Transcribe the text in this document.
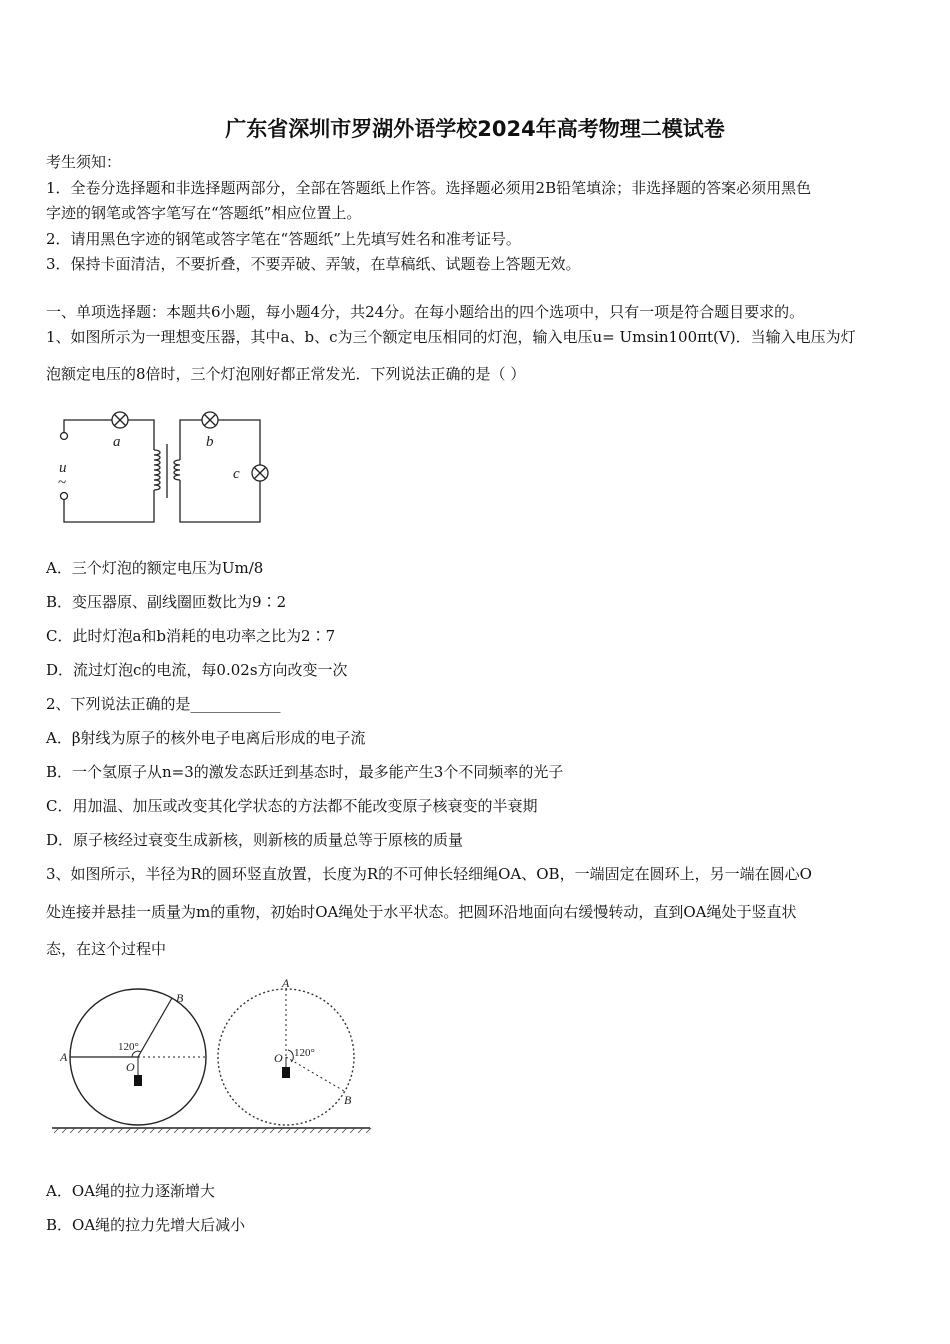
广东省深圳市罗湖外语学校2024年高考物理二模试卷
考生须知：
1．全卷分选择题和非选择题两部分，全部在答题纸上作答。选择题必须用2B铅笔填涂；非选择题的答案必须用黑色
字迹的钢笔或答字笔写在“答题纸”相应位置上。
2．请用黑色字迹的钢笔或答字笔在“答题纸”上先填写姓名和准考证号。
3．保持卡面清洁，不要折叠，不要弄破、弄皱，在草稿纸、试题卷上答题无效。
一、单项选择题：本题共6小题，每小题4分，共24分。在每小题给出的四个选项中，只有一项是符合题目要求的。
1、如图所示为一理想变压器，其中a、b、c为三个额定电压相同的灯泡，输入电压u= Umsin100πt(V)．当输入电压为灯
泡额定电压的8倍时，三个灯泡刚好都正常发光．下列说法正确的是（ ）
a	b
c
u
~
A．三个灯泡的额定电压为Um/8
B．变压器原、副线圈匝数比为9∶2
C．此时灯泡a和b消耗的电功率之比为2∶7
D．流过灯泡c的电流，每0.02s方向改变一次
2、下列说法正确的是____________
A．β射线为原子的核外电子电离后形成的电子流
B．一个氢原子从n=3的激发态跃迁到基态时，最多能产生3个不同频率的光子
C．用加温、加压或改变其化学状态的方法都不能改变原子核衰变的半衰期
D．原子核经过衰变生成新核，则新核的质量总等于原核的质量
3、如图所示，半径为R的圆环竖直放置，长度为R的不可伸长轻细绳OA、OB，一端固定在圆环上，另一端在圆心O
处连接并悬挂一质量为m的重物，初始时OA绳处于水平状态。把圆环沿地面向右缓慢转动，直到OA绳处于竖直状
态，在这个过程中
A
B
O
A
B
O
120°	120°
A．OA绳的拉力逐渐增大
B．OA绳的拉力先增大后减小
